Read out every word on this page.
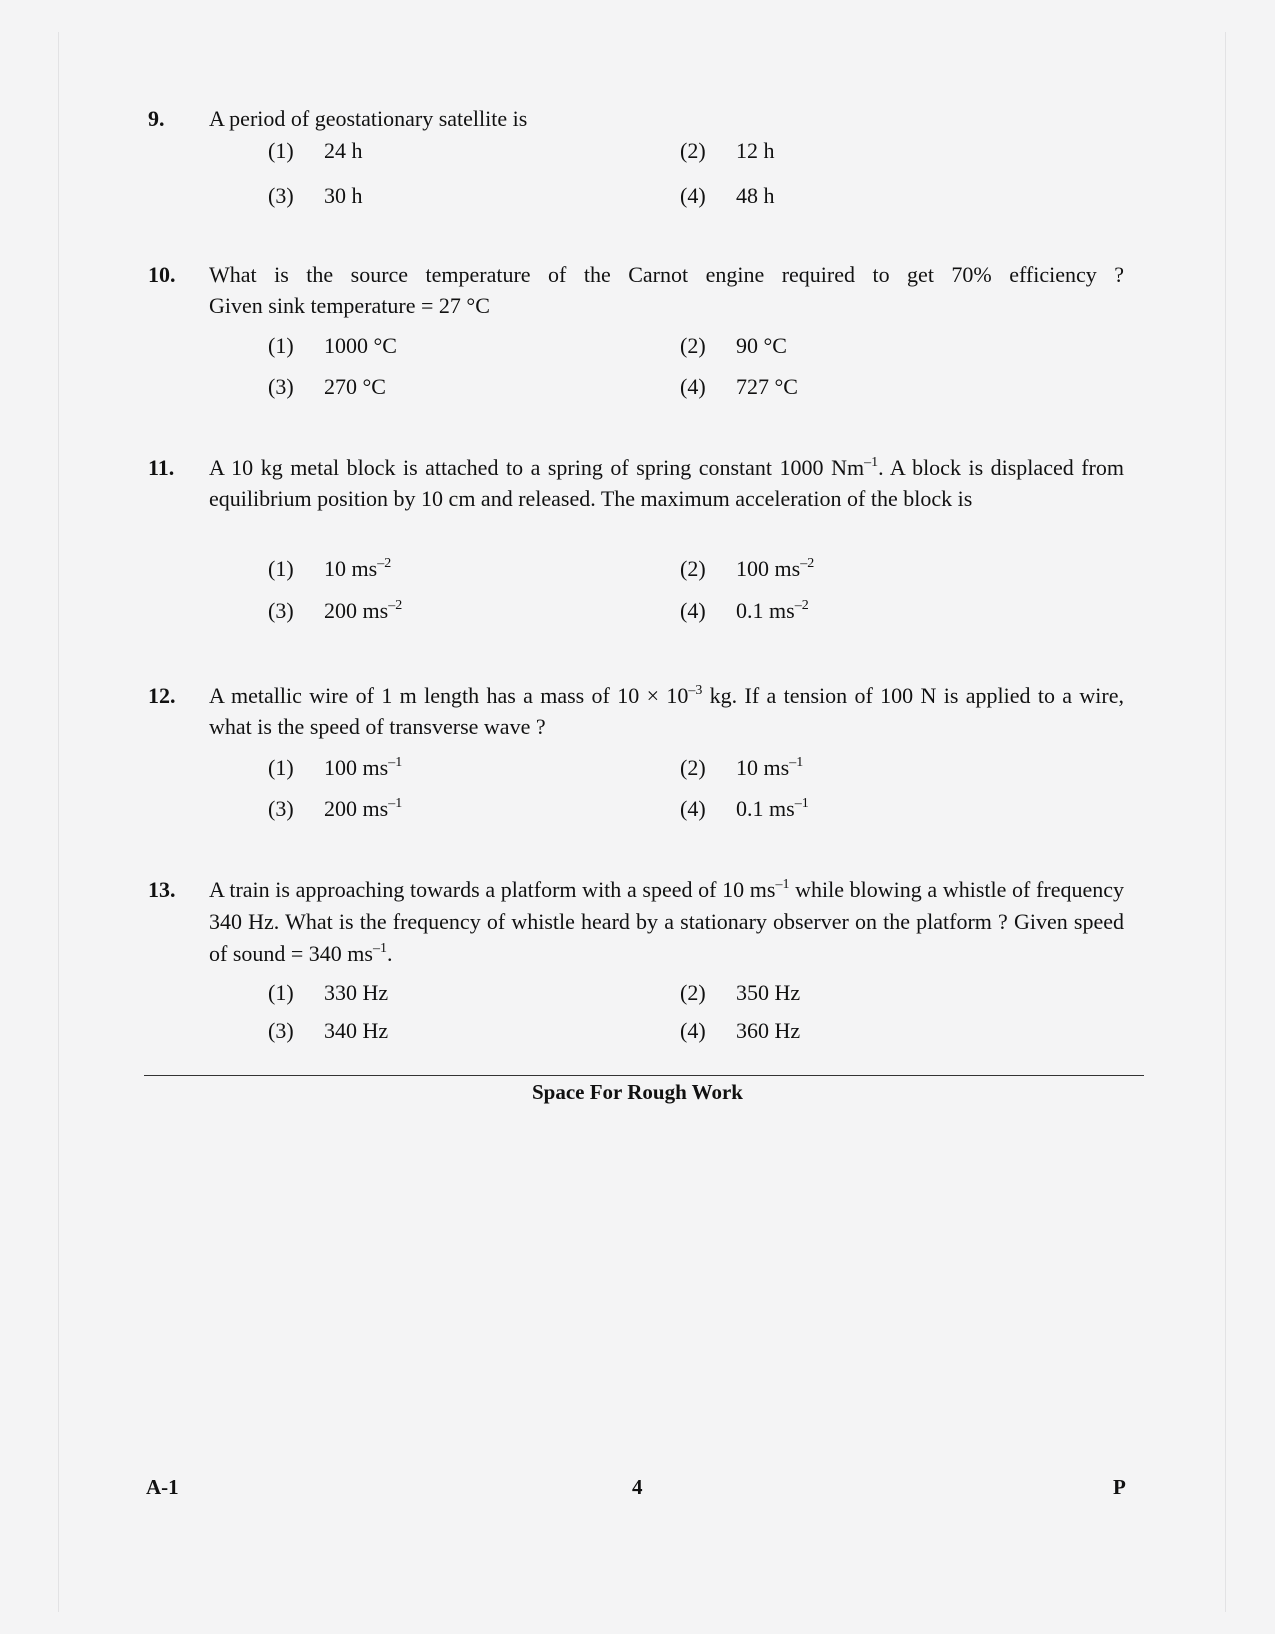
9. A period of geostationary satellite is
(1) 24 h	(2) 12 h
(3) 30 h	(4) 48 h
10. What is the source temperature of the Carnot engine required to get 70% efficiency ?
Given sink temperature = 27 °C
(1) 1000 °C	(2) 90 °C
(3) 270 °C	(4) 727 °C
11. A 10 kg metal block is attached to a spring of spring constant 1000 $Nm^{-1}$. A block is displaced from equilibrium position by 10 cm and released. The maximum acceleration of the block is
(1) 10 $ms^{-2}$	(2) 100 $ms^{-2}$
(3) 200 $ms^{-2}$	(4) 0.1 $ms^{-2}$
12. A metallic wire of 1 m length has a mass of $10 \times 10^{-3}$ kg. If a tension of 100 N is applied to a wire, what is the speed of transverse wave ?
(1) 100 $ms^{-1}$	(2) 10 $ms^{-1}$
(3) 200 $ms^{-1}$	(4) 0.1 $ms^{-1}$
13. A train is approaching towards a platform with a speed of 10 $ms^{-1}$ while blowing a whistle of frequency 340 Hz. What is the frequency of whistle heard by a stationary observer on the platform ? Given speed of sound = 340 $ms^{-1}$.
(1) 330 Hz	(2) 350 Hz
(3) 340 Hz	(4) 360 Hz
Space For Rough Work
A-1	4	P
